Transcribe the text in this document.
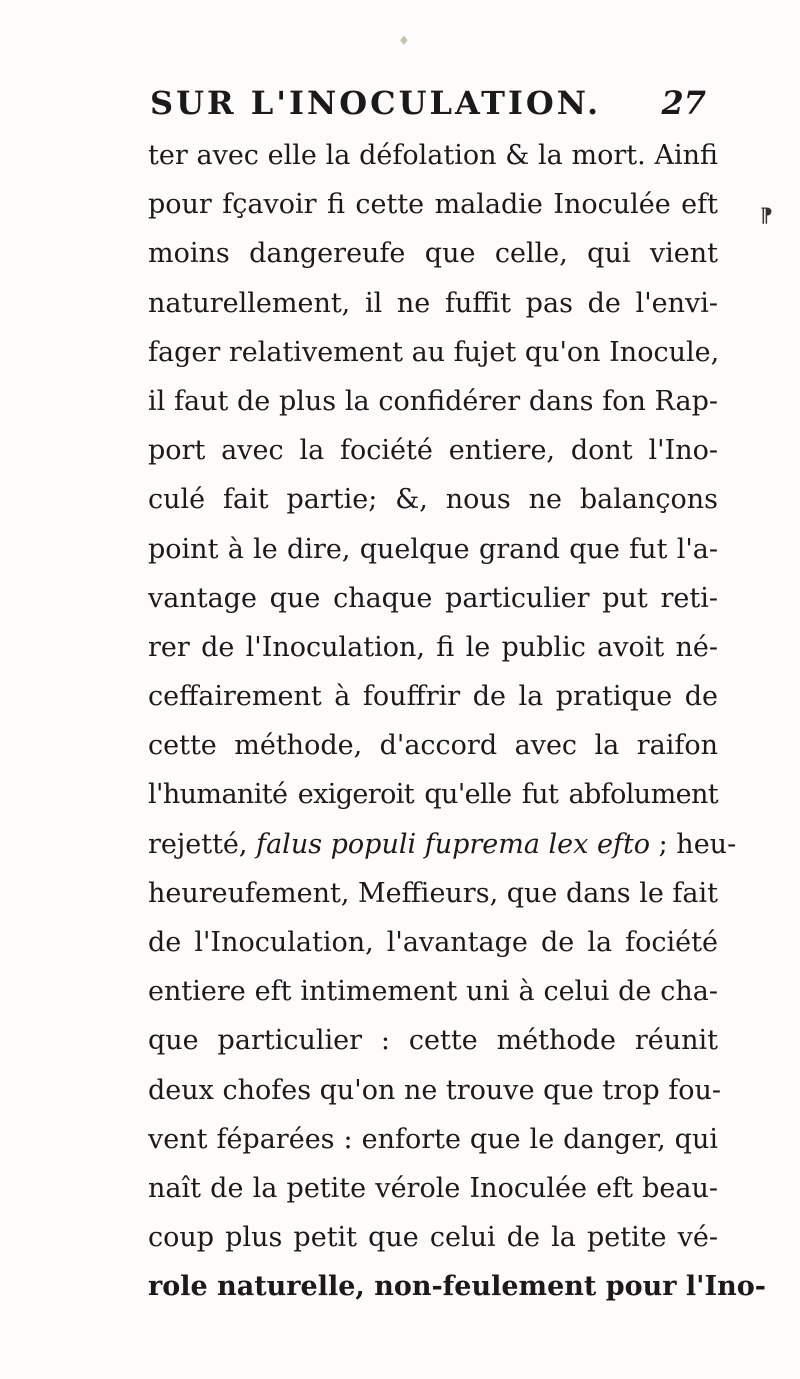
♦
SUR L'INOCULATION. 27
⁋
ter avec elle la défolation & la mort. Ainfi
pour fçavoir fi cette maladie Inoculée eft
moins dangereufe que celle, qui vient
naturellement, il ne fuffit pas de l'envi-
fager relativement au fujet qu'on Inocule,
il faut de plus la confidérer dans fon Rap-
port avec la fociété entiere, dont l'Ino-
culé fait partie; &, nous ne balançons
point à le dire, quelque grand que fut l'a-
vantage que chaque particulier put reti-
rer de l'Inoculation, fi le public avoit né-
ceffairement à fouffrir de la pratique de
cette méthode, d'accord avec la raifon
l'humanité exigeroit qu'elle fut abfolument
rejetté, falus populi fuprema lex efto ; heu-
heureufement, Meffieurs, que dans le fait
de l'Inoculation, l'avantage de la fociété
entiere eft intimement uni à celui de cha-
que particulier : cette méthode réunit
deux chofes qu'on ne trouve que trop fou-
vent féparées : enforte que le danger, qui
naît de la petite vérole Inoculée eft beau-
coup plus petit que celui de la petite vé-
role naturelle, non-feulement pour l'Ino-
